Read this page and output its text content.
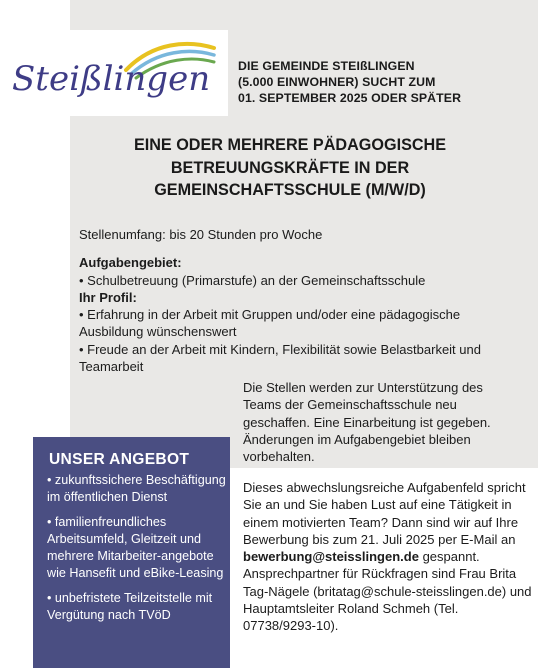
Steißlingen DIE GEMEINDE STEIßLINGEN
(5.000 EINWOHNER) SUCHT ZUM
01. SEPTEMBER 2025 ODER SPÄTER
EINE ODER MEHRERE PÄDAGOGISCHE
BETREUUNGSKRÄFTE IN DER
GEMEINSCHAFTSSCHULE (M/W/D)
Stellenumfang: bis 20 Stunden pro Woche
Aufgabengebiet:
• Schulbetreuung (Primarstufe) an der Gemeinschaftsschule
Ihr Profil:
• Erfahrung in der Arbeit mit Gruppen und/oder eine pädagogische Ausbildung wünschenswert
• Freude an der Arbeit mit Kindern, Flexibilität sowie Belastbarkeit und Teamarbeit
Die Stellen werden zur Unterstützung des Teams der Gemeinschaftsschule neu geschaffen. Eine Einarbeitung ist gegeben. Änderungen im Aufgabengebiet bleiben vorbehalten.
UNSER ANGEBOT
• zukunftssichere Beschäftigung im öffentlichen Dienst
• familienfreundliches Arbeitsumfeld, Gleitzeit und mehrere Mitarbeiter-angebote wie Hansefit und eBike-Leasing
• unbefristete Teilzeitstelle mit Vergütung nach TVöD
Dieses abwechslungsreiche Aufgabenfeld spricht Sie an und Sie haben Lust auf eine Tätigkeit in einem motivierten Team? Dann sind wir auf Ihre Bewerbung bis zum 21. Juli 2025 per E-Mail an bewerbung@steisslingen.de gespannt. Ansprechpartner für Rückfragen sind Frau Brita Tag-Nägele (britatag@schule-steisslingen.de) und Hauptamtsleiter Roland Schmeh (Tel. 07738/9293-10).
